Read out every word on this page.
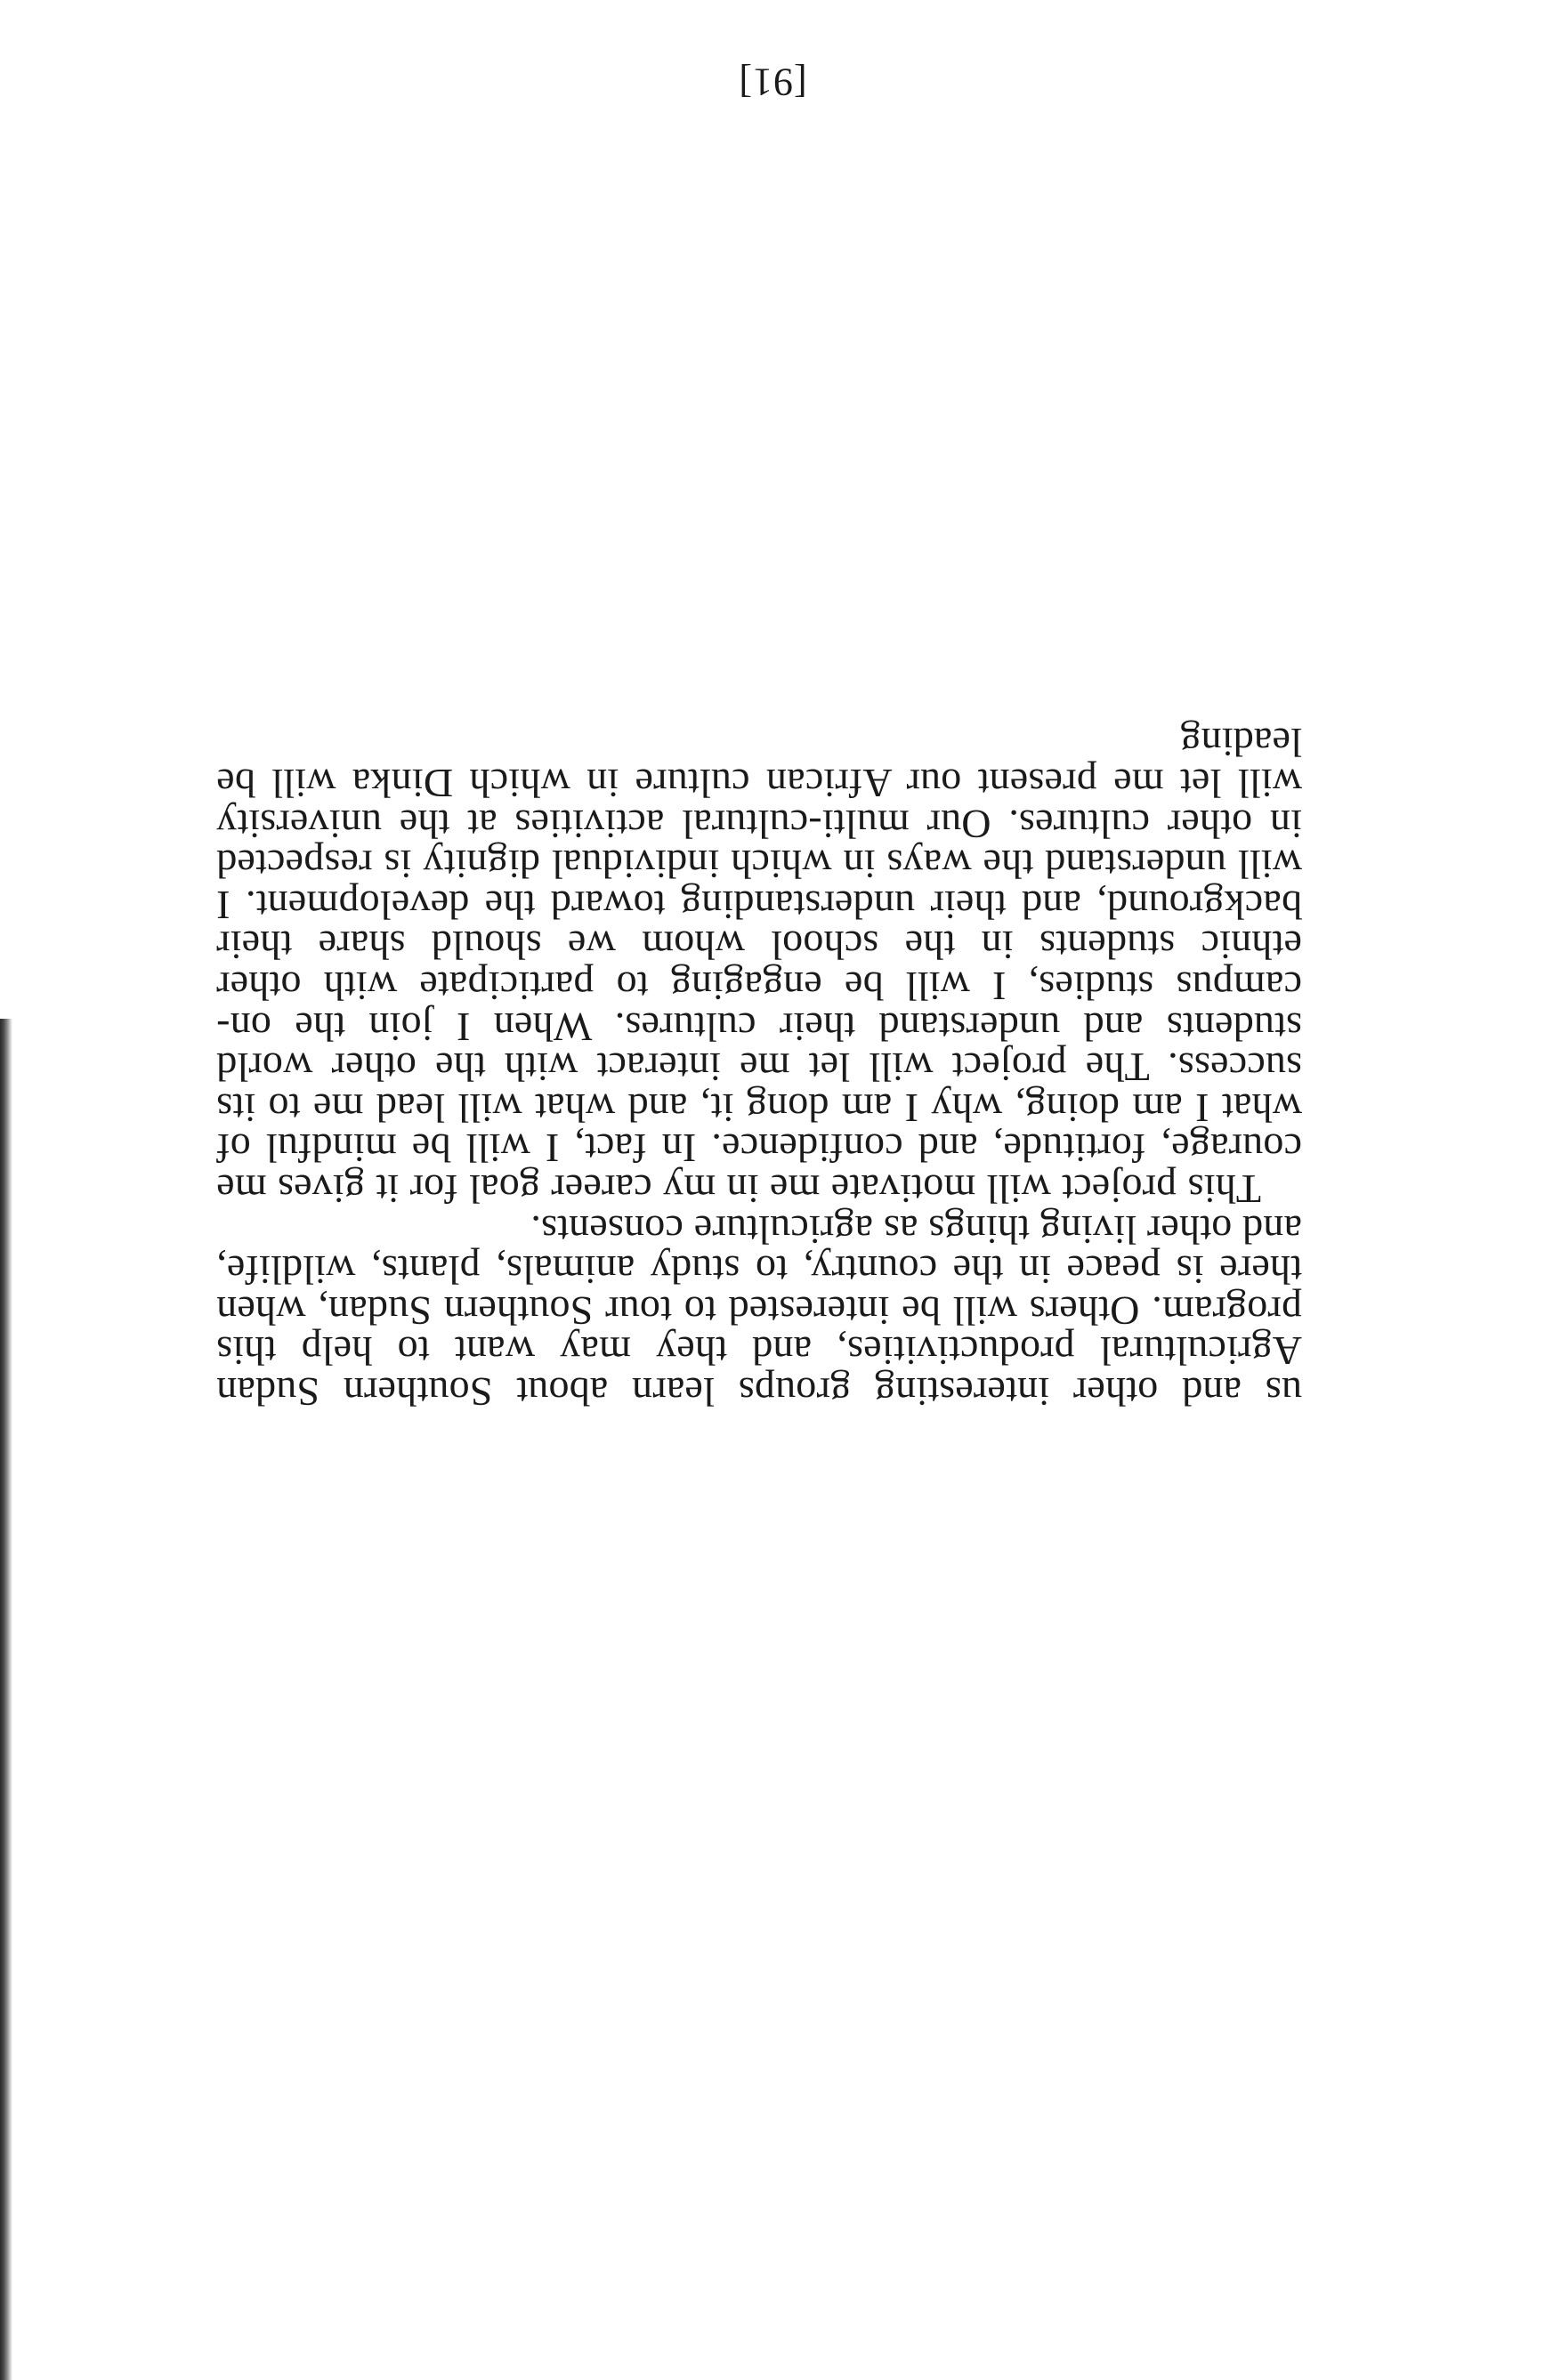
us and other interesting groups learn about Southern Sudan Agricultural productivities, and they may want to help this program. Others will be interested to tour Southern Sudan, when there is peace in the country, to study animals, plants, wildlife, and other living things as agriculture consents.

This project will motivate me in my career goal for it gives me courage, fortitude, and confidence. In fact, I will be mindful of what I am doing, why I am dong it, and what will lead me to its success. The project will let me interact with the other world students and understand their cultures. When I join the on-campus studies, I will be engaging to participate with other ethnic students in the school whom we should share their background, and their understanding toward the development. I will understand the ways in which individual dignity is respected in other cultures. Our multi-cultural activities at the university will let me present our African culture in which Dinka will be leading

[91]
